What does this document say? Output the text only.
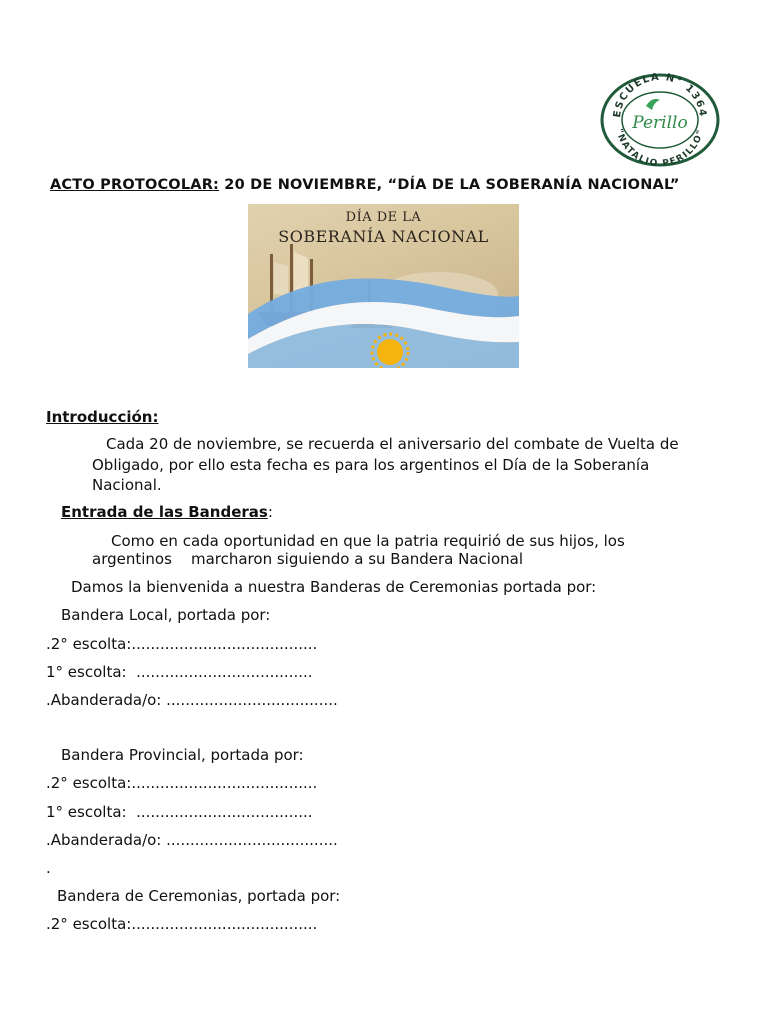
ESCUELA N° 1364
"NATALIO PERILLO"
Perillo
ACTO PROTOCOLAR: 20 DE NOVIEMBRE, “DÍA DE LA SOBERANÍA NACIONAL”
DÍA DE LA
SOBERANÍA NACIONAL
Introducción:
Cada 20 de noviembre, se recuerda el aniversario del combate de Vuelta de
Obligado, por ello esta fecha es para los argentinos el Día de la Soberanía
Nacional.
Entrada de las Banderas:
Como en cada oportunidad en que la patria requirió de sus hijos, los
argentinos    marcharon siguiendo a su Bandera Nacional
Damos la bienvenida a nuestra Banderas de Ceremonias portada por:
Bandera Local, portada por:
.2° escolta:.......................................
1° escolta:  .....................................
.Abanderada/o: ....................................
Bandera Provincial, portada por:
.2° escolta:.......................................
1° escolta:  .....................................
.Abanderada/o: ....................................
.
Bandera de Ceremonias, portada por:
.2° escolta:.......................................
